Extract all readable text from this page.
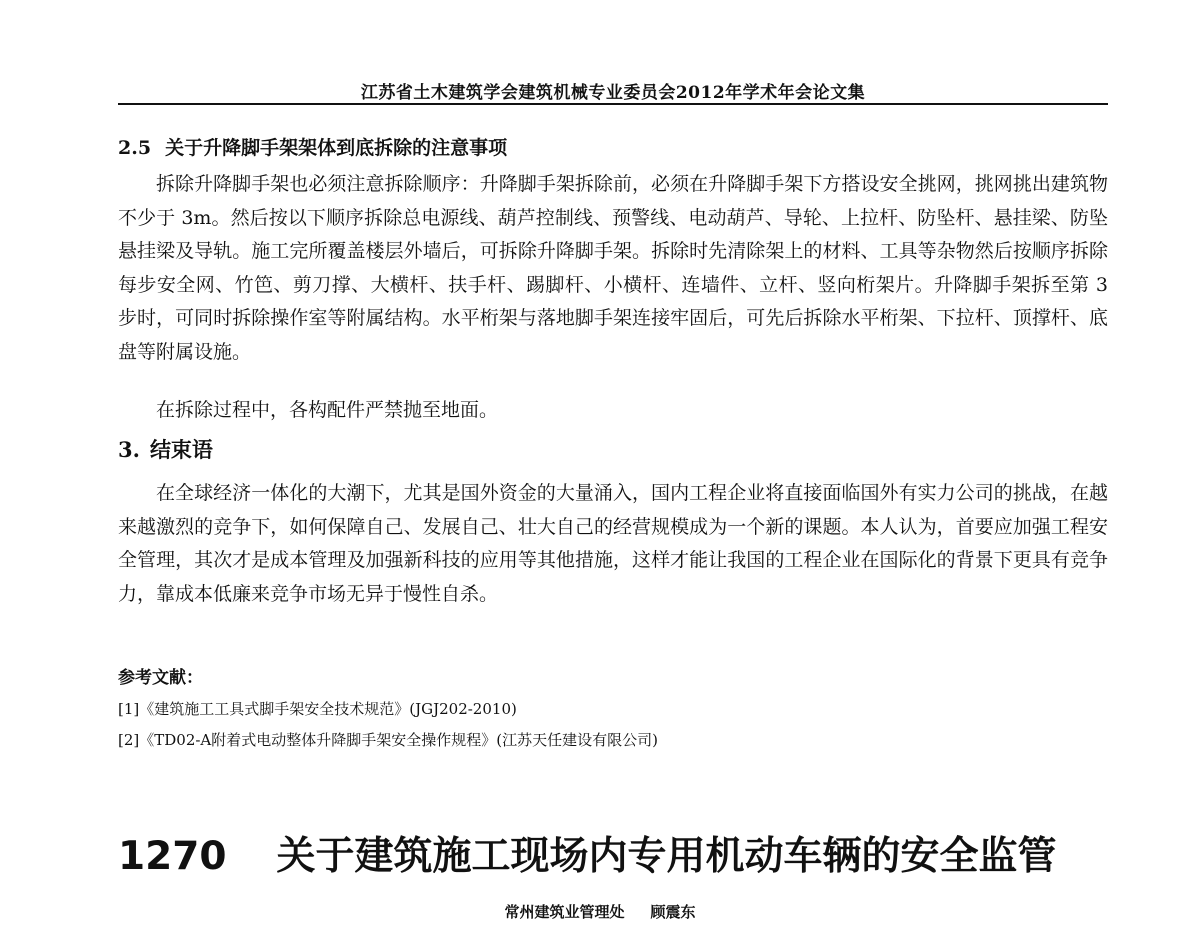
江苏省土木建筑学会建筑机械专业委员会2012年学术年会论文集
2.5 关于升降脚手架架体到底拆除的注意事项

拆除升降脚手架也必须注意拆除顺序：升降脚手架拆除前，必须在升降脚手架下方搭设安全挑网，挑网挑出建筑物不少于 3m。然后按以下顺序拆除总电源线、葫芦控制线、预警线、电动葫芦、导轮、上拉杆、防坠杆、悬挂梁、防坠悬挂梁及导轨。施工完所覆盖楼层外墙后，可拆除升降脚手架。拆除时先清除架上的材料、工具等杂物然后按顺序拆除每步安全网、竹笆、剪刀撑、大横杆、扶手杆、踢脚杆、小横杆、连墙件、立杆、竖向桁架片。升降脚手架拆至第 3 步时，可同时拆除操作室等附属结构。水平桁架与落地脚手架连接牢固后，可先后拆除水平桁架、下拉杆、顶撑杆、底盘等附属设施。

在拆除过程中，各构配件严禁抛至地面。

3. 结束语

在全球经济一体化的大潮下，尤其是国外资金的大量涌入，国内工程企业将直接面临国外有实力公司的挑战，在越来越激烈的竞争下，如何保障自己、发展自己、壮大自己的经营规模成为一个新的课题。本人认为，首要应加强工程安全管理，其次才是成本管理及加强新科技的应用等其他措施，这样才能让我国的工程企业在国际化的背景下更具有竞争力，靠成本低廉来竞争市场无异于慢性自杀。

参考文献：
[1]《建筑施工工具式脚手架安全技术规范》(JGJ202-2010)
[2]《TD02-A附着式电动整体升降脚手架安全操作规程》(江苏天任建设有限公司)
1270 关于建筑施工现场内专用机动车辆的安全监管
常州建筑业管理处 顾震东
